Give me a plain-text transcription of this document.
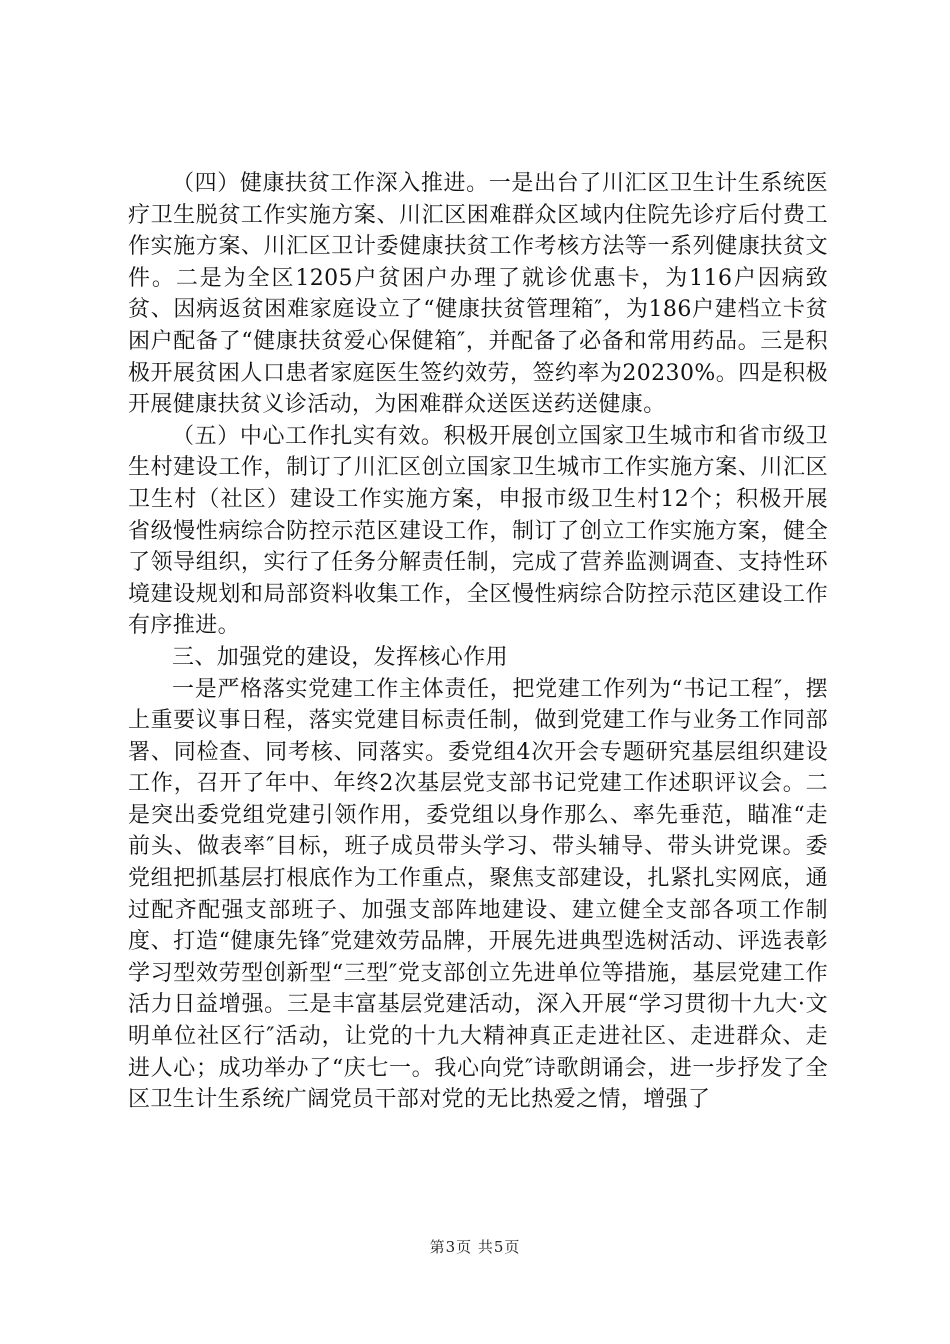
（四）健康扶贫工作深入推进。一是出台了川汇区卫生计生系统医疗卫生脱贫工作实施方案、川汇区困难群众区域内住院先诊疗后付费工作实施方案、川汇区卫计委健康扶贫工作考核方法等一系列健康扶贫文件。二是为全区1205户贫困户办理了就诊优惠卡，为116户因病致贫、因病返贫困难家庭设立了“健康扶贫管理箱″，为186户建档立卡贫困户配备了“健康扶贫爱心保健箱″，并配备了必备和常用药品。三是积极开展贫困人口患者家庭医生签约效劳，签约率为20230%。四是积极开展健康扶贫义诊活动，为困难群众送医送药送健康。

（五）中心工作扎实有效。积极开展创立国家卫生城市和省市级卫生村建设工作，制订了川汇区创立国家卫生城市工作实施方案、川汇区卫生村（社区）建设工作实施方案，申报市级卫生村12个；积极开展省级慢性病综合防控示范区建设工作，制订了创立工作实施方案，健全了领导组织，实行了任务分解责任制，完成了营养监测调查、支持性环境建设规划和局部资料收集工作，全区慢性病综合防控示范区建设工作有序推进。

三、加强党的建设，发挥核心作用

一是严格落实党建工作主体责任，把党建工作列为“书记工程″，摆上重要议事日程，落实党建目标责任制，做到党建工作与业务工作同部署、同检查、同考核、同落实。委党组4次开会专题研究基层组织建设工作，召开了年中、年终2次基层党支部书记党建工作述职评议会。二是突出委党组党建引领作用，委党组以身作那么、率先垂范，瞄准“走前头、做表率″目标，班子成员带头学习、带头辅导、带头讲党课。委党组把抓基层打根底作为工作重点，聚焦支部建设，扎紧扎实网底，通过配齐配强支部班子、加强支部阵地建设、建立健全支部各项工作制度、打造“健康先锋″党建效劳品牌，开展先进典型选树活动、评选表彰学习型效劳型创新型“三型″党支部创立先进单位等措施，基层党建工作活力日益增强。三是丰富基层党建活动，深入开展“学习贯彻十九大·文明单位社区行″活动，让党的十九大精神真正走进社区、走进群众、走进人心；成功举办了“庆七一。我心向党″诗歌朗诵会，进一步抒发了全区卫生计生系统广阔党员干部对党的无比热爱之情，增强了

第3页 共5页
